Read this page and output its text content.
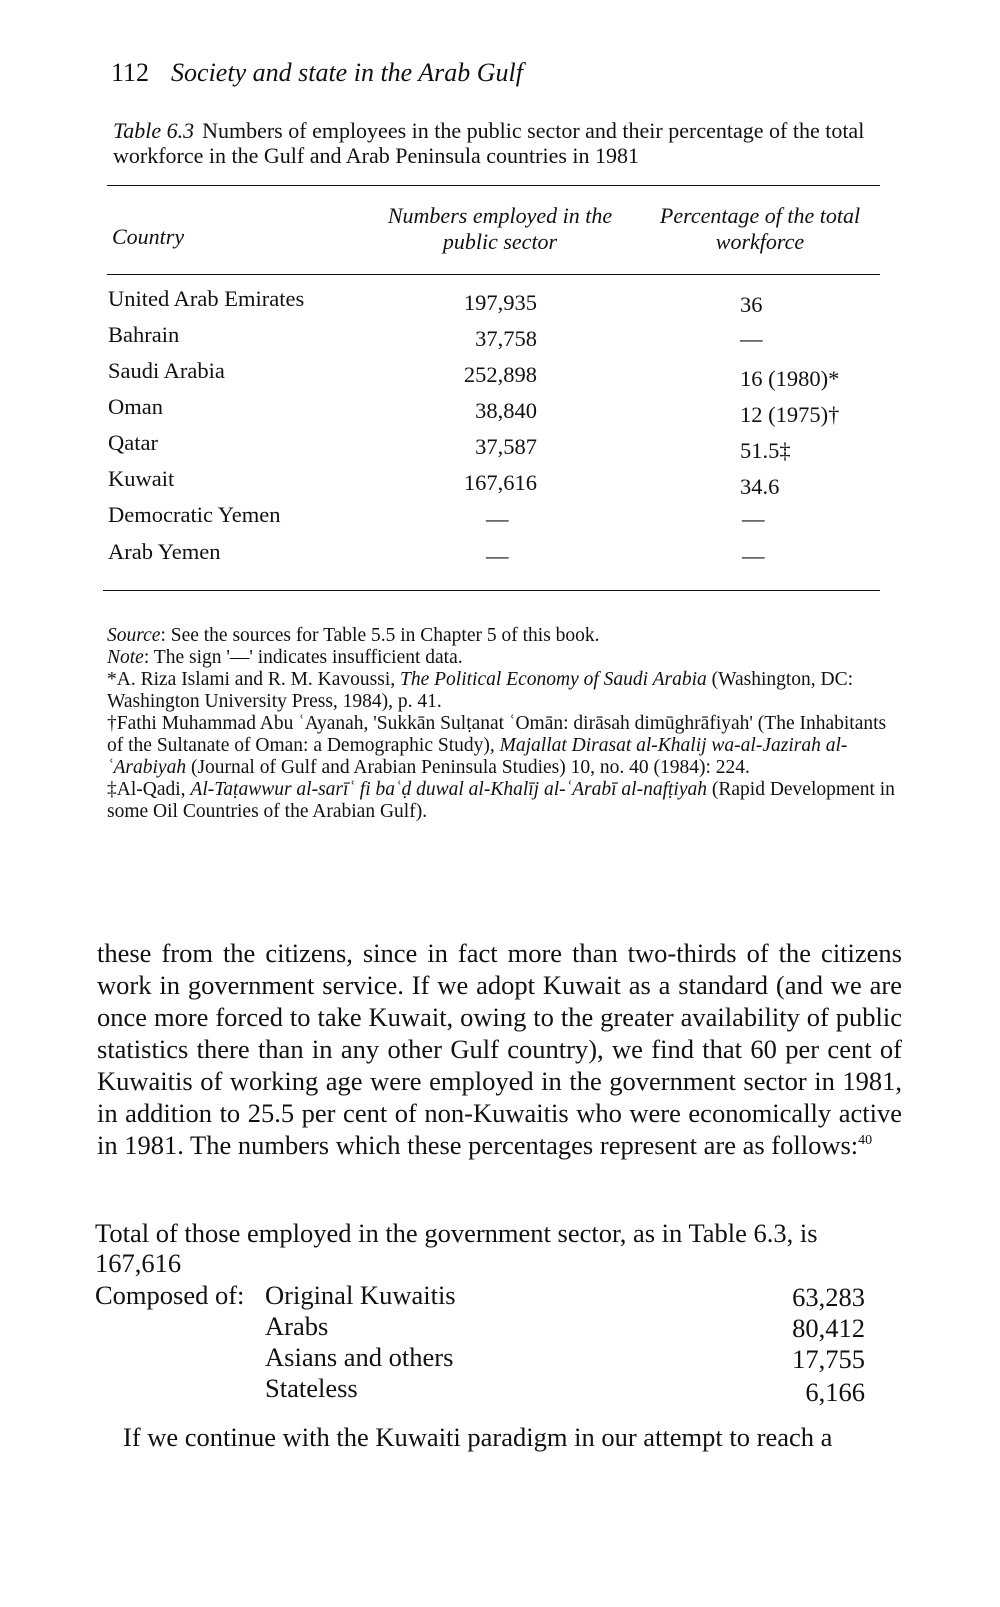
112 Society and state in the Arab Gulf
Table 6.3 Numbers of employees in the public sector and their percentage of the total workforce in the Gulf and Arab Peninsula countries in 1981
Country
Numbers employed in the public sector
Percentage of the total workforce
United Arab Emirates	197,935	36
Bahrain	37,758	—
Saudi Arabia	252,898	16 (1980)*
Oman	38,840	12 (1975)†
Qatar	37,587	51.5‡
Kuwait	167,616	34.6
Democratic Yemen	—	—
Arab Yemen	—	—

Source: See the sources for Table 5.5 in Chapter 5 of this book.

Note: The sign '—' indicates insufficient data.

*A. Riza Islami and R. M. Kavoussi, The Political Economy of Saudi Arabia (Washington, DC: Washington University Press, 1984), p. 41.

†Fathi Muhammad Abu ʿAyanah, 'Sukkān Sulṭanat ʿOmān: dirāsah dimūghrāfiyah' (The Inhabitants of the Sultanate of Oman: a Demographic Study), Majallat Dirasat al-Khalij wa-al-Jazirah al-ʿArabiyah (Journal of Gulf and Arabian Peninsula Studies) 10, no. 40 (1984): 224.

‡Al-Qadi, Al-Taṭawwur al-sarīʿ fi baʿḍ duwal al-Khalīj al-ʿArabī al-nafṭiyah (Rapid Development in some Oil Countries of the Arabian Gulf).

these from the citizens, since in fact more than two-thirds of the citizens work in government service. If we adopt Kuwait as a standard (and we are once more forced to take Kuwait, owing to the greater availability of public statistics there than in any other Gulf country), we find that 60 per cent of Kuwaitis of working age were employed in the government sector in 1981, in addition to 25.5 per cent of non-Kuwaitis who were economically active in 1981. The numbers which these percentages represent are as follows:$^{40}$
Total of those employed in the government sector, as in Table 6.3, is 167,616
Composed of: Original Kuwaitis	63,283
Arabs	80,412
Asians and others	17,755
Stateless	6,166
If we continue with the Kuwaiti paradigm in our attempt to reach a
